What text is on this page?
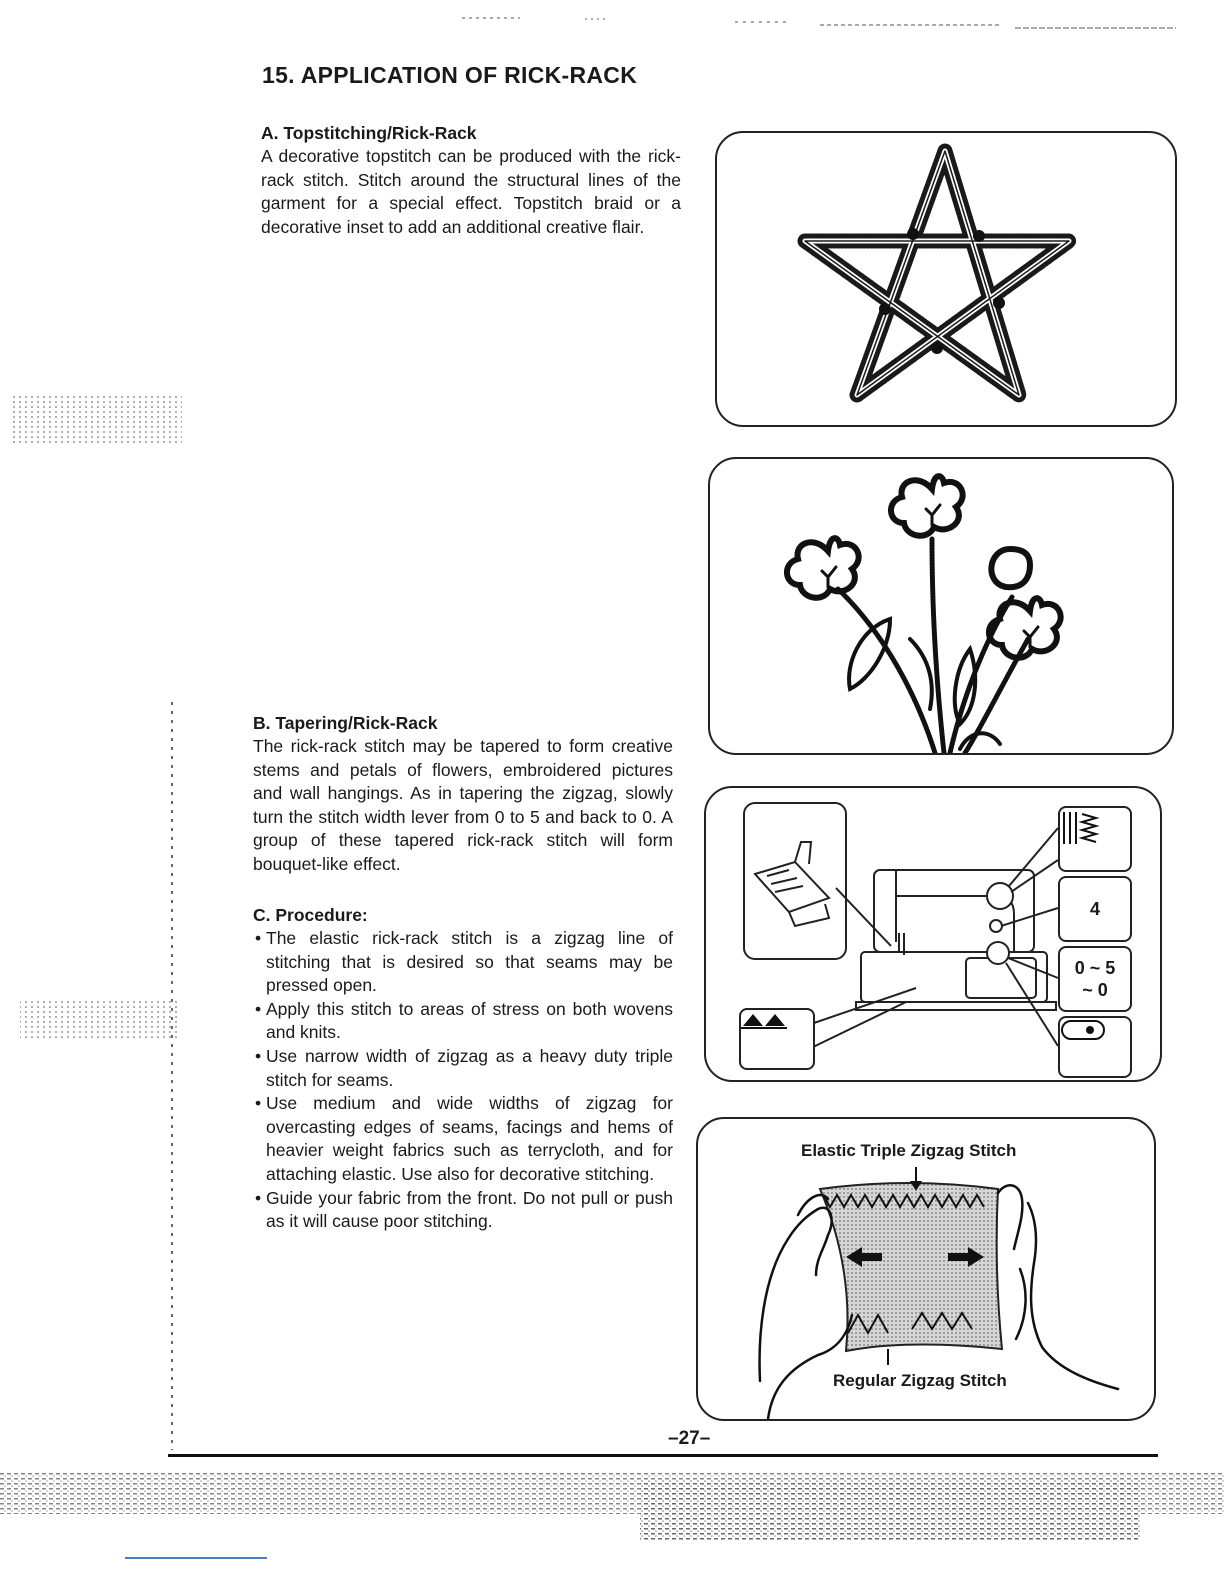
15. APPLICATION OF RICK-RACK
A. Topstitching/Rick-Rack

A decorative topstitch can be produced with the rick-rack stitch. Stitch around the structural lines of the garment for a special effect. Topstitch braid or a decorative inset to add an additional creative flair.

B. Tapering/Rick-Rack

The rick-rack stitch may be tapered to form creative stems and petals of flowers, embroidered pictures and wall hangings. As in tapering the zigzag, slowly turn the stitch width lever from 0 to 5 and back to 0. A group of these tapered rick-rack stitch will form bouquet-like effect.

C. Procedure:
• The elastic rick-rack stitch is a zigzag line of stitching that is desired so that seams may be pressed open.
• Apply this stitch to areas of stress on both wovens and knits.
• Use narrow width of zigzag as a heavy duty triple stitch for seams.
• Use medium and wide widths of zigzag for overcasting edges of seams, facings and hems of heavier weight fabrics such as terrycloth, and for attaching elastic. Use also for decorative stitching.
• Guide your fabric from the front. Do not pull or push as it will cause poor stitching.
4
0 ~ 5
~ 0
Elastic Triple Zigzag Stitch
Regular Zigzag Stitch
–27–
